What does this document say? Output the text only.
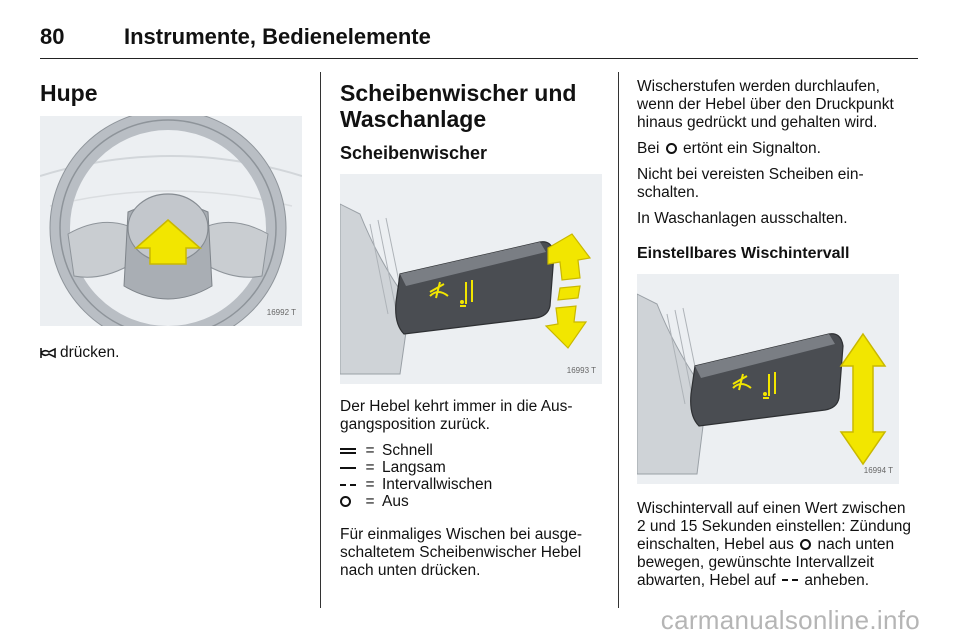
80	Instrumente, Bedienelemente
Hupe
16992 T

drücken.

Scheibenwischer und Waschanlage
Scheibenwischer
16993 T

Der Hebel kehrt immer in die Ausgangsposition zurück.

= Schnell
= Langsam
= Intervallwischen
= Aus

Für einmaliges Wischen bei ausgeschaltetem Scheibenwischer Hebel nach unten drücken.

Wischerstufen werden durchlaufen, wenn der Hebel über den Druckpunkt hinaus gedrückt und gehalten wird.

Bei ertönt ein Signalton.

Nicht bei vereisten Scheiben einschalten.

In Waschanlagen ausschalten.

Einstellbares Wischintervall
16994 T

Wischintervall auf einen Wert zwischen 2 und 15 Sekunden einstellen: Zündung einschalten, Hebel aus nach unten bewegen, gewünschte Intervallzeit abwarten, Hebel auf anheben.

carmanualsonline.info
